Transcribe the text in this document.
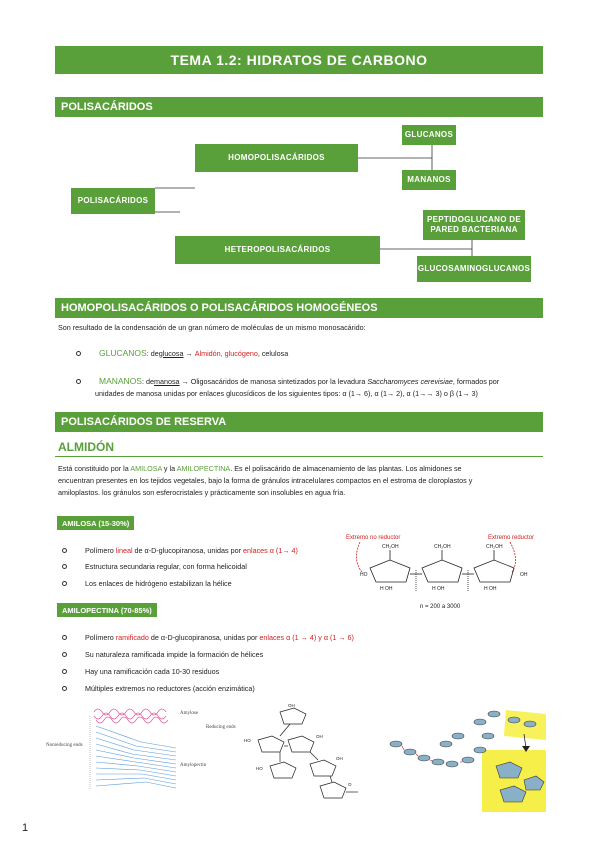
TEMA 1.2: HIDRATOS DE CARBONO
POLISACÁRIDOS
POLISACÁRIDOS
HOMOPOLISACÁRIDOS
HETEROPOLISACÁRIDOS
GLUCANOS
MANANOS
PEPTIDOGLUCANO DE PARED BACTERIANA
GLUCOSAMINOGLUCANOS
HOMOPOLISACÁRIDOS O POLISACÁRIDOS HOMOGÉNEOS
Son resultado de la condensación de un gran número de moléculas de un mismo monosacárido:
GLUCANOS : de glucosa → Almidón, glucógeno , celulosa
MANANOS : de manosa → Oligosacáridos de manosa sintetizados por la levadura Saccharomyces cerevisiae , formados por
unidades de manosa unidas por enlaces glucosídicos de los siguientes tipos: α (1→ 6), α (1→ 2), α (1→→ 3) o β (1→ 3)
POLISACÁRIDOS DE RESERVA
ALMIDÓN
Está constituido por la AMILOSA y la AMILOPECTINA. Es el polisacárido de almacenamiento de las plantas. Los almidones se
encuentran presentes en los tejidos vegetales, bajo la forma de gránulos intracelulares compactos en el estroma de cloroplastos y
amiloplastos. los gránulos son esferocristales y prácticamente son insolubles en agua fría.
AMILOSA (15-30%)
Polímero lineal de α-D-glucopiranosa, unidas por enlaces α (1→ 4)
Estructura secundaria regular, con forma helicoidal
Los enlaces de hidrógeno estabilizan la hélice
Extremo no reductor	Extremo reductor
CH₂OH	CH₂OH	CH₂OH
HO	OH
H OH	H OH	H OH
n = 200 a 3000
AMILOPECTINA (70-85%)
Polímero ramificado de α-D-glucopiranosa, unidas por enlaces α (1 → 4) y α (1 → 6)
Su naturaleza ramificada impide la formación de hélices
Hay una ramificación cada 10-30 residuos
Múltiples extremos no reductores (acción enzimática)
Amylose
Reducing ends
Nonreducing ends
Amylopectin
OH
HO
OH
HO
OH
O
1
